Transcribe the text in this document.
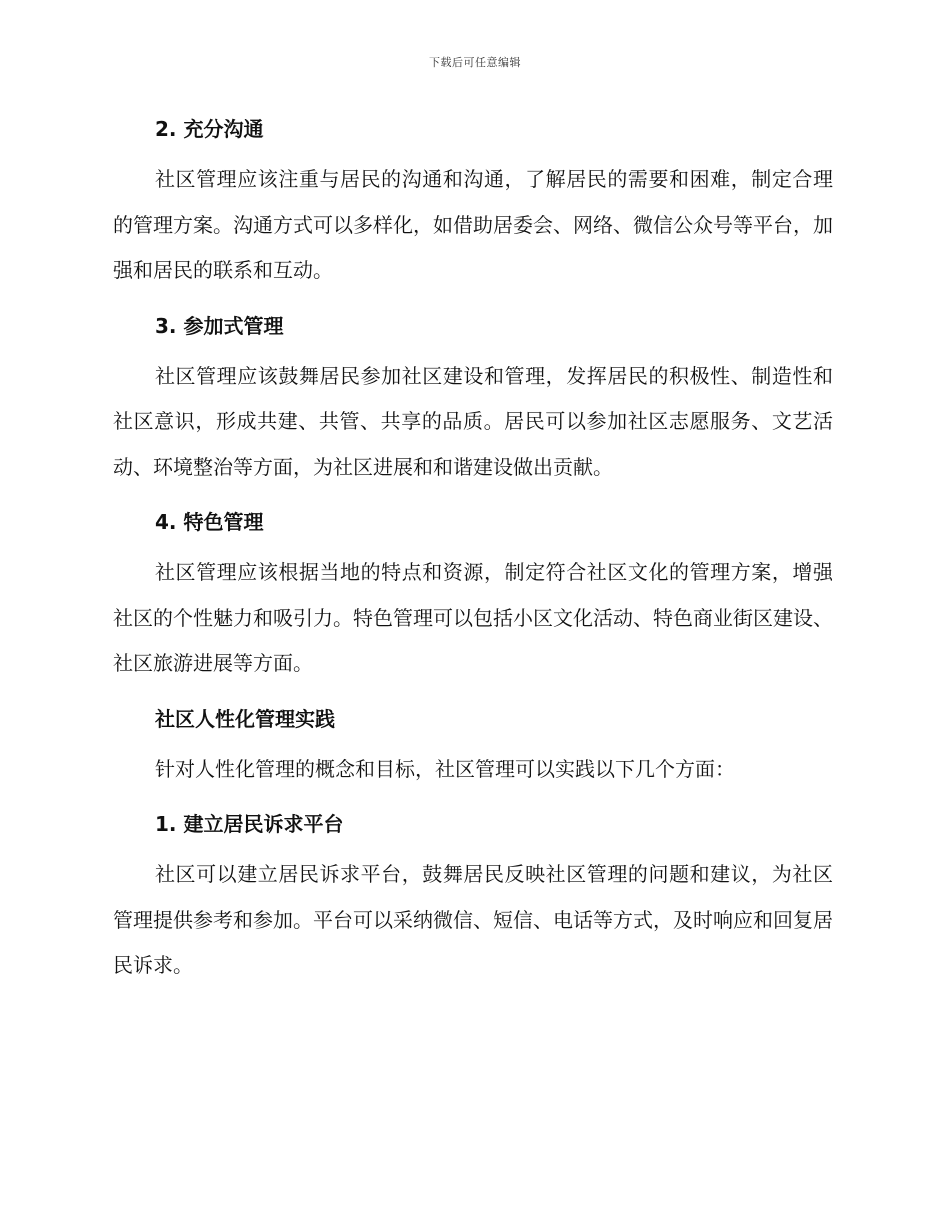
下载后可任意编辑
2. 充分沟通

社区管理应该注重与居民的沟通和沟通，了解居民的需要和困难，制定合理的管理方案。沟通方式可以多样化，如借助居委会、网络、微信公众号等平台，加强和居民的联系和互动。

3. 参加式管理

社区管理应该鼓舞居民参加社区建设和管理，发挥居民的积极性、制造性和社区意识，形成共建、共管、共享的品质。居民可以参加社区志愿服务、文艺活动、环境整治等方面，为社区进展和和谐建设做出贡献。

4. 特色管理

社区管理应该根据当地的特点和资源，制定符合社区文化的管理方案，增强社区的个性魅力和吸引力。特色管理可以包括小区文化活动、特色商业街区建设、社区旅游进展等方面。

社区人性化管理实践

针对人性化管理的概念和目标，社区管理可以实践以下几个方面：

1. 建立居民诉求平台

社区可以建立居民诉求平台，鼓舞居民反映社区管理的问题和建议，为社区管理提供参考和参加。平台可以采纳微信、短信、电话等方式，及时响应和回复居民诉求。
